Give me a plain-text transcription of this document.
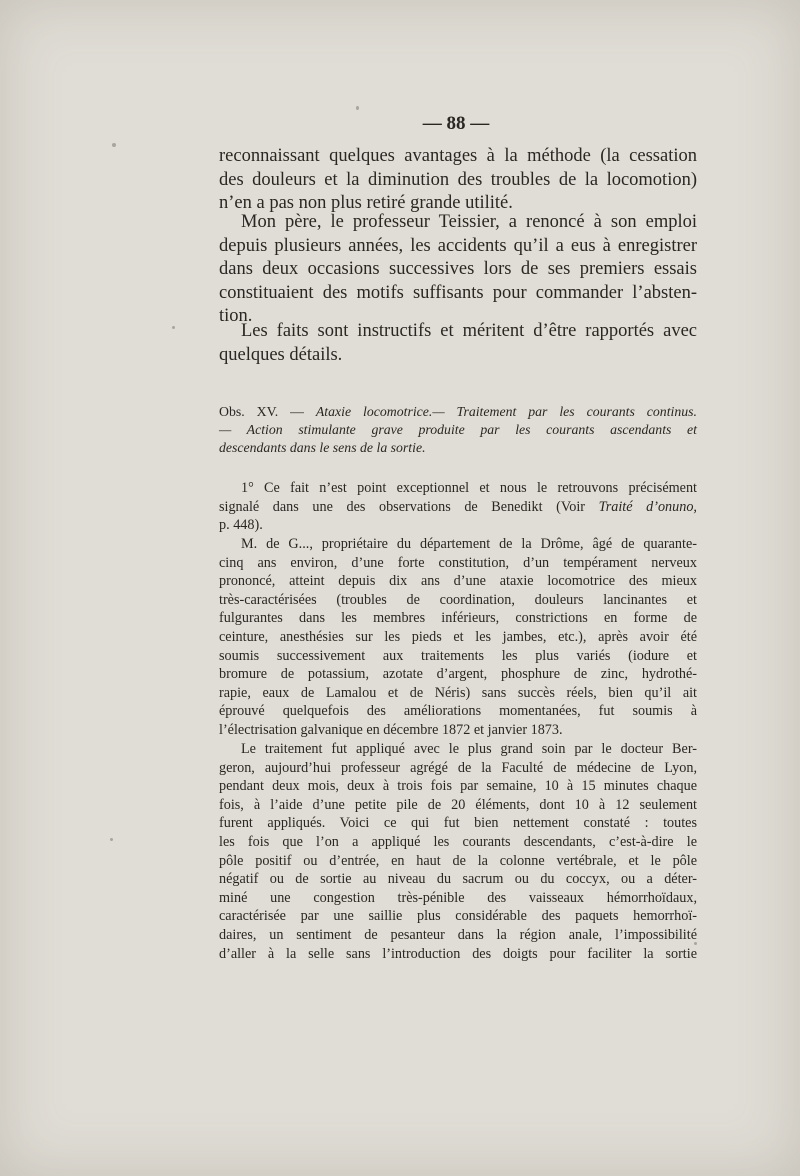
— 88 —
reconnaissant quelques avantages à la méthode (la cessation
des douleurs et la diminution des troubles de la locomotion)
n’en a pas non plus retiré grande utilité.
Mon père, le professeur Teissier, a renoncé à son emploi
depuis plusieurs années, les accidents qu’il a eus à enregistrer
dans deux occasions successives lors de ses premiers essais
constituaient des motifs suffisants pour commander l’absten-
tion.
Les faits sont instructifs et méritent d’être rapportés avec
quelques détails.
Obs. XV. — Ataxie locomotrice.— Traitement par les courants continus.
— Action stimulante grave produite par les courants ascendants et
descendants dans le sens de la sortie.
1° Ce fait n’est point exceptionnel et nous le retrouvons précisément
signalé dans une des observations de Benedikt (Voir Traité d’onuno,
p. 448).
M. de G..., propriétaire du département de la Drôme, âgé de quarante-
cinq ans environ, d’une forte constitution, d’un tempérament nerveux
prononcé, atteint depuis dix ans d’une ataxie locomotrice des mieux
très-caractérisées (troubles de coordination, douleurs lancinantes et
fulgurantes dans les membres inférieurs, constrictions en forme de
ceinture, anesthésies sur les pieds et les jambes, etc.), après avoir été
soumis successivement aux traitements les plus variés (iodure et
bromure de potassium, azotate d’argent, phosphure de zinc, hydrothé-
rapie, eaux de Lamalou et de Néris) sans succès réels, bien qu’il ait
éprouvé quelquefois des améliorations momentanées, fut soumis à
l’électrisation galvanique en décembre 1872 et janvier 1873.
Le traitement fut appliqué avec le plus grand soin par le docteur Ber-
geron, aujourd’hui professeur agrégé de la Faculté de médecine de Lyon,
pendant deux mois, deux à trois fois par semaine, 10 à 15 minutes chaque
fois, à l’aide d’une petite pile de 20 éléments, dont 10 à 12 seulement
furent appliqués. Voici ce qui fut bien nettement constaté : toutes
les fois que l’on a appliqué les courants descendants, c’est-à-dire le
pôle positif ou d’entrée, en haut de la colonne vertébrale, et le pôle
négatif ou de sortie au niveau du sacrum ou du coccyx, ou a déter-
miné une congestion très-pénible des vaisseaux hémorrhoïdaux,
caractérisée par une saillie plus considérable des paquets hemorrhoï-
daires, un sentiment de pesanteur dans la région anale, l’impossibilité
d’aller à la selle sans l’introduction des doigts pour faciliter la sortie
